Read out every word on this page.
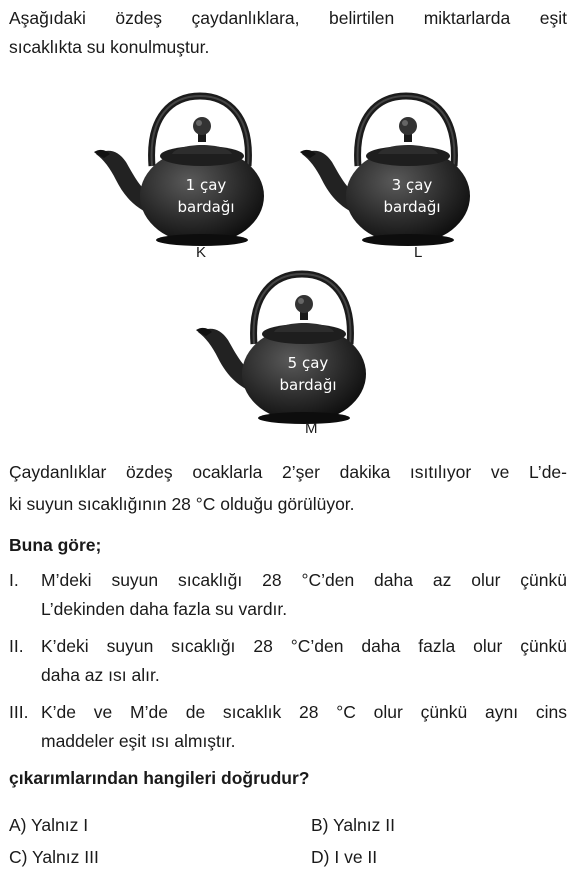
Aşağıdaki özdeş çaydanlıklara, belirtilen miktarlarda eşit

sıcaklıkta su konulmuştur.

1 çay
bardağı
K
3 çay
bardağı
L
5 çay
bardağı
M

Çaydanlıklar özdeş ocaklarla 2’şer dakika ısıtılıyor ve L’de-

ki suyun sıcaklığının 28 °C olduğu görülüyor.

Buna göre;

I. M’deki suyun sıcaklığı 28 °C’den daha az olur çünkü
L’dekinden daha fazla su vardır.
II. K’deki suyun sıcaklığı 28 °C’den daha fazla olur çünkü
daha az ısı alır.
III. K’de ve M’de de sıcaklık 28 °C olur çünkü aynı cins
maddeler eşit ısı almıştır.

çıkarımlarından hangileri doğrudur?

A) Yalnız I	B) Yalnız II
C) Yalnız III	D) I ve II
